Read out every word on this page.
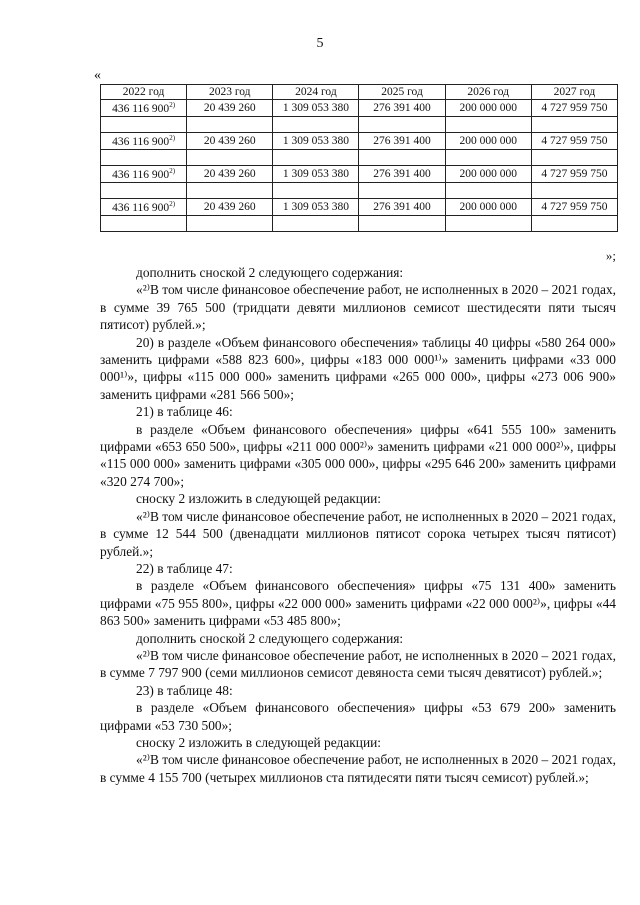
5
«
2022 год	2023 год	2024 год	2025 год	2026 год	2027 год
436 116 900$^{2)}$	20 439 260	1 309 053 380	276 391 400	200 000 000	4 727 959 750

436 116 900$^{2)}$	20 439 260	1 309 053 380	276 391 400	200 000 000	4 727 959 750

436 116 900$^{2)}$	20 439 260	1 309 053 380	276 391 400	200 000 000	4 727 959 750

436 116 900$^{2)}$	20 439 260	1 309 053 380	276 391 400	200 000 000	4 727 959 750

»;

дополнить сноской 2 следующего содержания:

«²⁾В том числе финансовое обеспечение работ, не исполненных в 2020 – 2021 годах, в сумме 39 765 500 (тридцати девяти миллионов семисот шестидесяти пяти тысяч пятисот) рублей.»;

20) в разделе «Объем финансового обеспечения» таблицы 40 цифры «580 264 000» заменить цифрами «588 823 600», цифры «183 000 000¹⁾» заменить цифрами «33 000 000¹⁾», цифры «115 000 000» заменить цифрами «265 000 000», цифры «273 006 900» заменить цифрами «281 566 500»;

21) в таблице 46:

в разделе «Объем финансового обеспечения» цифры «641 555 100» заменить цифрами «653 650 500», цифры «211 000 000²⁾» заменить цифрами «21 000 000²⁾», цифры «115 000 000» заменить цифрами «305 000 000», цифры «295 646 200» заменить цифрами «320 274 700»;

сноску 2 изложить в следующей редакции:

«²⁾В том числе финансовое обеспечение работ, не исполненных в 2020 – 2021 годах, в сумме 12 544 500 (двенадцати миллионов пятисот сорока четырех тысяч пятисот) рублей.»;

22) в таблице 47:

в разделе «Объем финансового обеспечения» цифры «75 131 400» заменить цифрами «75 955 800», цифры «22 000 000» заменить цифрами «22 000 000²⁾», цифры «44 863 500» заменить цифрами «53 485 800»;

дополнить сноской 2 следующего содержания:

«²⁾В том числе финансовое обеспечение работ, не исполненных в 2020 – 2021 годах, в сумме 7 797 900 (семи миллионов семисот девяноста семи тысяч девятисот) рублей.»;

23) в таблице 48:

в разделе «Объем финансового обеспечения» цифры «53 679 200» заменить цифрами «53 730 500»;

сноску 2 изложить в следующей редакции:

«²⁾В том числе финансовое обеспечение работ, не исполненных в 2020 – 2021 годах, в сумме 4 155 700 (четырех миллионов ста пятидесяти пяти тысяч семисот) рублей.»;
